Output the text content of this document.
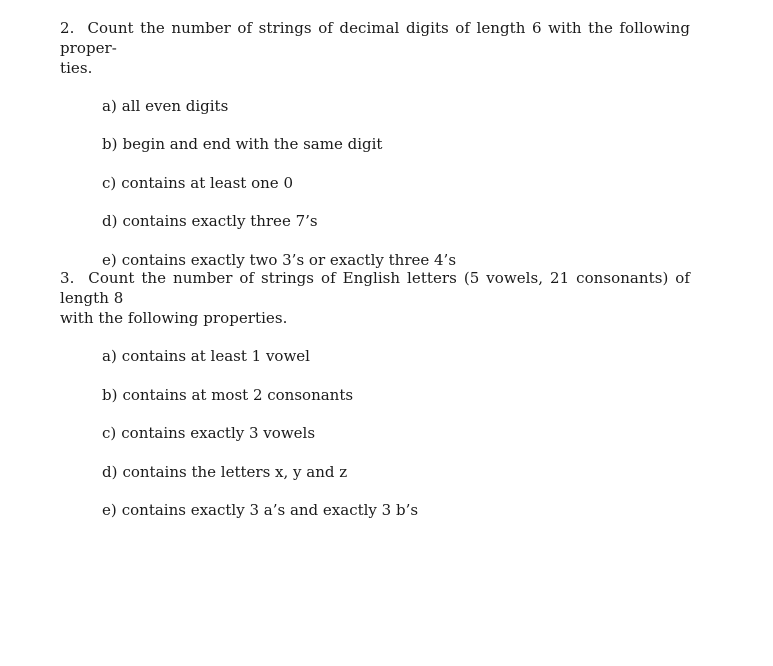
2. Count the number of strings of decimal digits of length 6 with the following proper-
ties.

a) all even digits
b) begin and end with the same digit
c) contains at least one 0
d) contains exactly three 7’s
e) contains exactly two 3’s or exactly three 4’s

3. Count the number of strings of English letters (5 vowels, 21 consonants) of length 8
with the following properties.

a) contains at least 1 vowel
b) contains at most 2 consonants
c) contains exactly 3 vowels
d) contains the letters x, y and z
e) contains exactly 3 a’s and exactly 3 b’s
